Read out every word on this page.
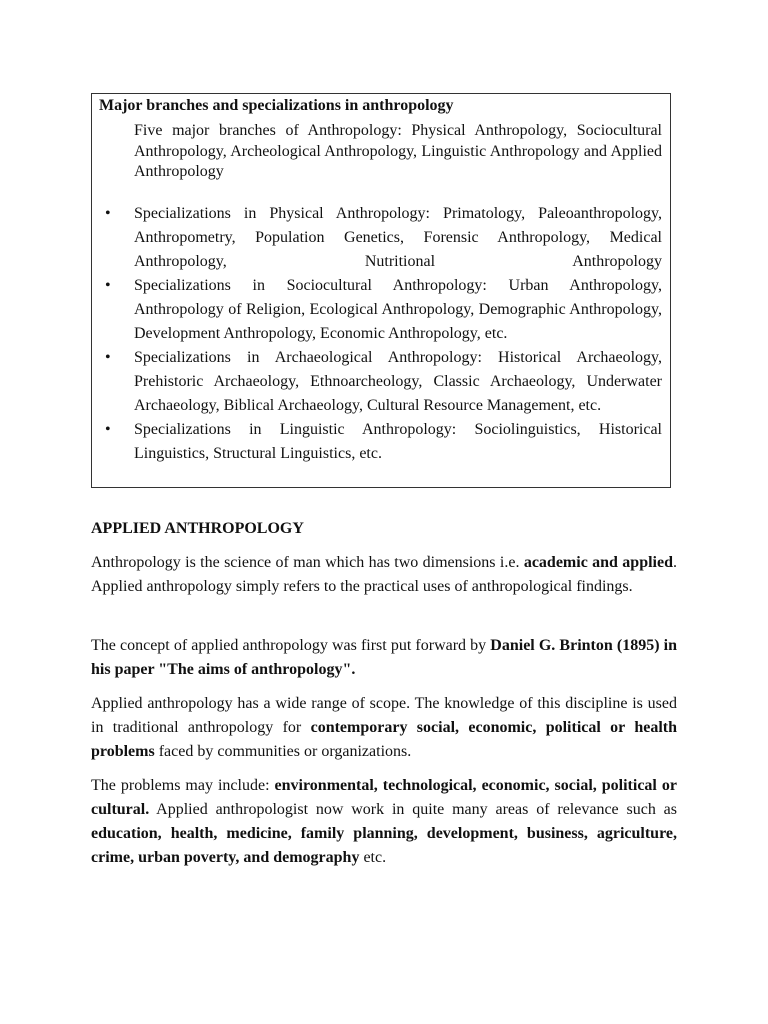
Major branches and specializations in anthropology
Five major branches of Anthropology: Physical Anthropology, Sociocultural Anthropology, Archeological Anthropology, Linguistic Anthropology and Applied Anthropology
• Specializations in Physical Anthropology: Primatology, Paleoanthropology, Anthropometry, Population Genetics, Forensic Anthropology, Medical Anthropology, Nutritional Anthropology
• Specializations in Sociocultural Anthropology: Urban Anthropology, Anthropology of Religion, Ecological Anthropology, Demographic Anthropology, Development Anthropology, Economic Anthropology, etc.
• Specializations in Archaeological Anthropology: Historical Archaeology, Prehistoric Archaeology, Ethnoarcheology, Classic Archaeology, Underwater Archaeology, Biblical Archaeology, Cultural Resource Management, etc.
• Specializations in Linguistic Anthropology: Sociolinguistics, Historical Linguistics, Structural Linguistics, etc.
APPLIED ANTHROPOLOGY

Anthropology is the science of man which has two dimensions i.e. academic and applied. Applied anthropology simply refers to the practical uses of anthropological findings.

The concept of applied anthropology was first put forward by Daniel G. Brinton (1895) in his paper "The aims of anthropology".

Applied anthropology has a wide range of scope. The knowledge of this discipline is used in traditional anthropology for contemporary social, economic, political or health problems faced by communities or organizations.

The problems may include: environmental, technological, economic, social, political or cultural. Applied anthropologist now work in quite many areas of relevance such as education, health, medicine, family planning, development, business, agriculture, crime, urban poverty, and demography etc.
